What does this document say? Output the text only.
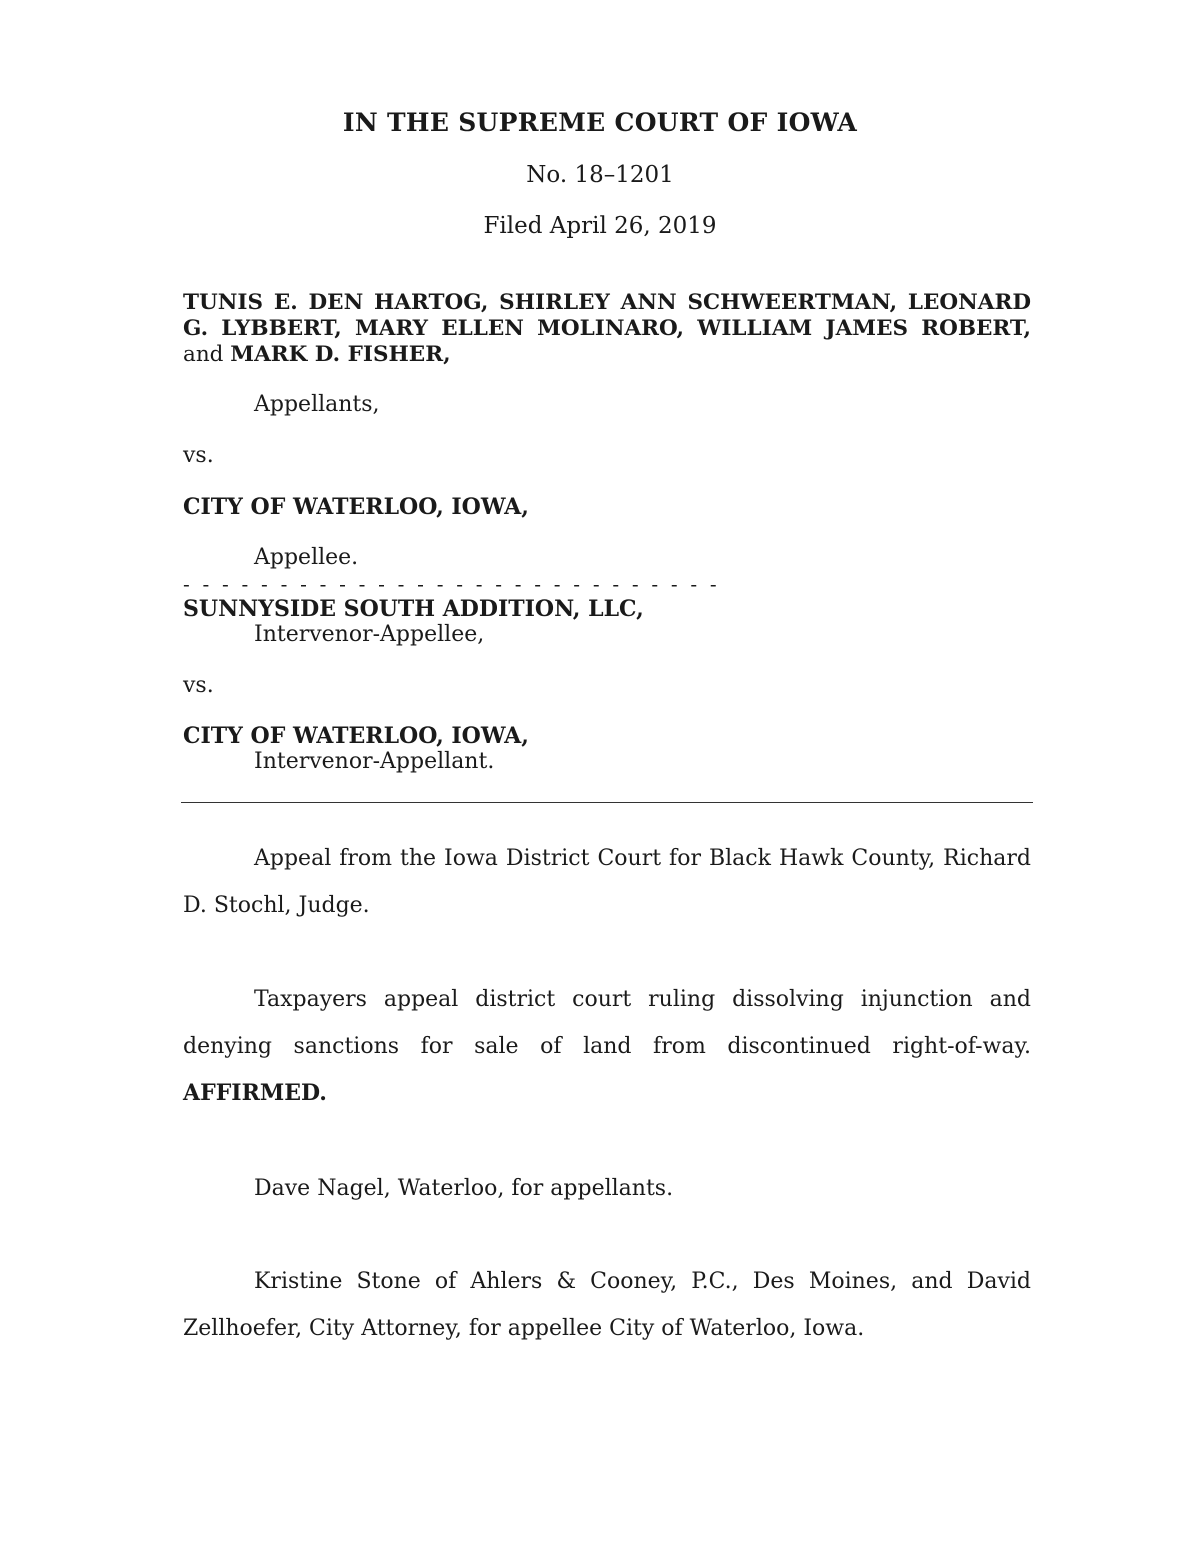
IN THE SUPREME COURT OF IOWA
No. 18–1201
Filed April 26, 2019
TUNIS E. DEN HARTOG, SHIRLEY ANN SCHWEERTMAN, LEONARD G. LYBBERT, MARY ELLEN MOLINARO, WILLIAM JAMES ROBERT, and MARK D. FISHER,
Appellants,
vs.
CITY OF WATERLOO, IOWA,
Appellee.
- - - - - - - - - - - - - - - - - - - - - - - - - - - -
SUNNYSIDE SOUTH ADDITION, LLC,
Intervenor-Appellee,
vs.
CITY OF WATERLOO, IOWA,
Intervenor-Appellant.
Appeal from the Iowa District Court for Black Hawk County, Richard D. Stochl, Judge.
Taxpayers appeal district court ruling dissolving injunction and denying sanctions for sale of land from discontinued right-of-way. AFFIRMED.
Dave Nagel, Waterloo, for appellants.
Kristine Stone of Ahlers & Cooney, P.C., Des Moines, and David Zellhoefer, City Attorney, for appellee City of Waterloo, Iowa.
